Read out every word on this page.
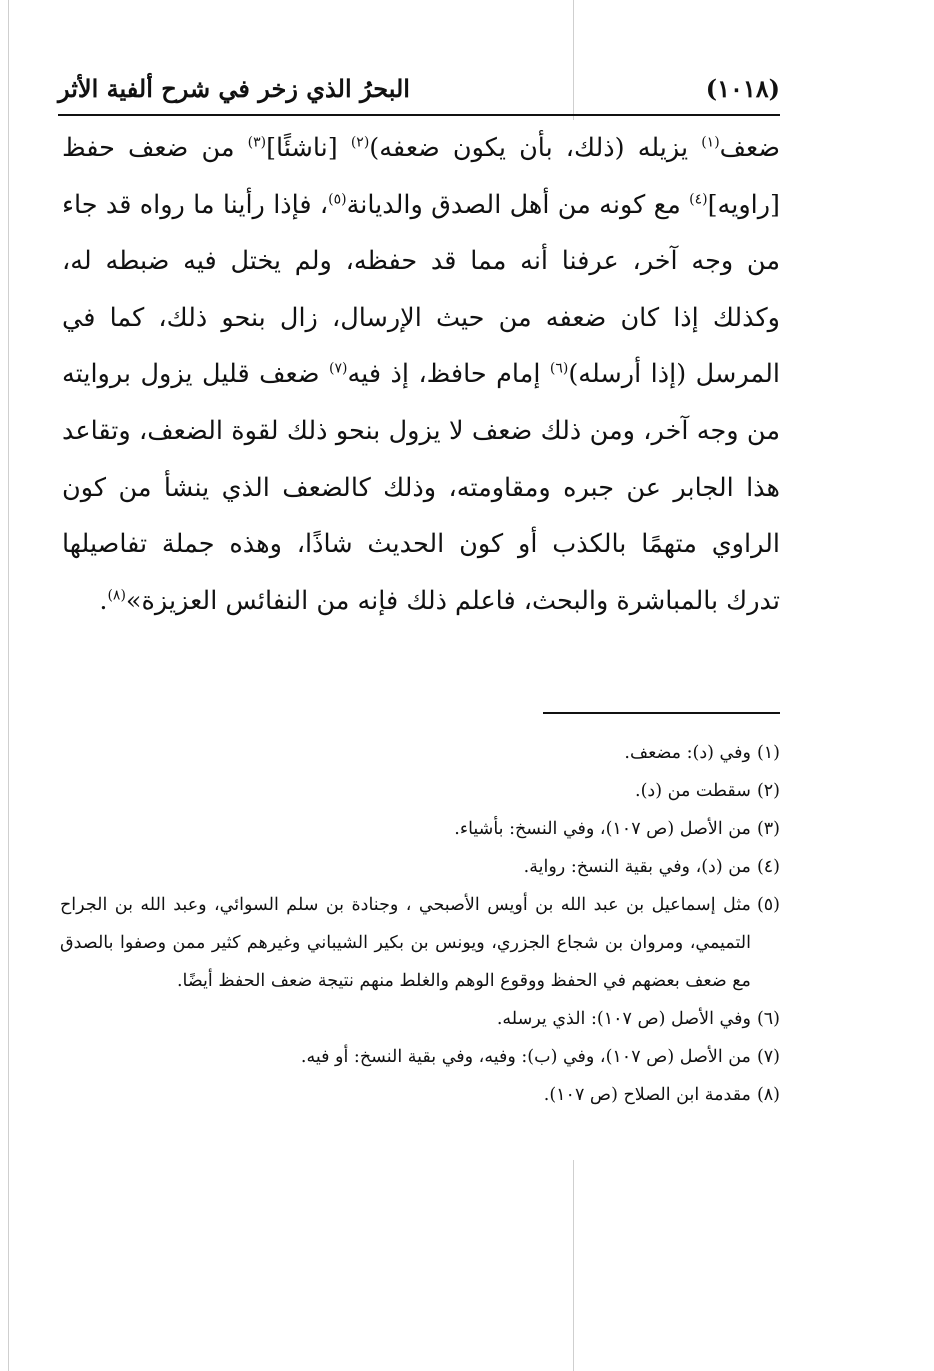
البحرُ الذي زخر في شرح ألفية الأثر	(١٠١٨)
ضعف$^{(١)}$ يزيله (ذلك، بأن يكون ضعفه)$^{(٢)}$ [ناشئًا]$^{(٣)}$ من ضعف حفظ [راويه]$^{(٤)}$ مع كونه من أهل الصدق والديانة$^{(٥)}$، فإذا رأينا ما رواه قد جاء من وجه آخر، عرفنا أنه مما قد حفظه، ولم يختل فيه ضبطه له، وكذلك إذا كان ضعفه من حيث الإرسال، زال بنحو ذلك، كما في المرسل (إذا أرسله)$^{(٦)}$ إمام حافظ، إذ فيه$^{(٧)}$ ضعف قليل يزول بروايته من وجه آخر، ومن ذلك ضعف لا يزول بنحو ذلك لقوة الضعف، وتقاعد هذا الجابر عن جبره ومقاومته، وذلك كالضعف الذي ينشأ من كون الراوي متهمًا بالكذب أو كون الحديث شاذًا، وهذه جملة تفاصيلها تدرك بالمباشرة والبحث، فاعلم ذلك فإنه من النفائس العزيزة»$^{(٨)}$.
(١)
وفي (د): مضعف.
(٢)
سقطت من (د).
(٣)
من الأصل (ص ١٠٧)، وفي النسخ: بأشياء.
(٤)
من (د)، وفي بقية النسخ: رواية.
(٥)
مثل إسماعيل بن عبد الله بن أويس الأصبحي ، وجنادة بن سلم السوائي، وعبد الله بن الجراح التميمي، ومروان بن شجاع الجزري، ويونس بن بكير الشيباني وغيرهم كثير ممن وصفوا بالصدق مع ضعف بعضهم في الحفظ ووقوع الوهم والغلط منهم نتيجة ضعف الحفظ أيضًا.
(٦)
وفي الأصل (ص ١٠٧): الذي يرسله.
(٧)
من الأصل (ص ١٠٧)، وفي (ب): وفيه، وفي بقية النسخ: أو فيه.
(٨)
مقدمة ابن الصلاح (ص ١٠٧).
